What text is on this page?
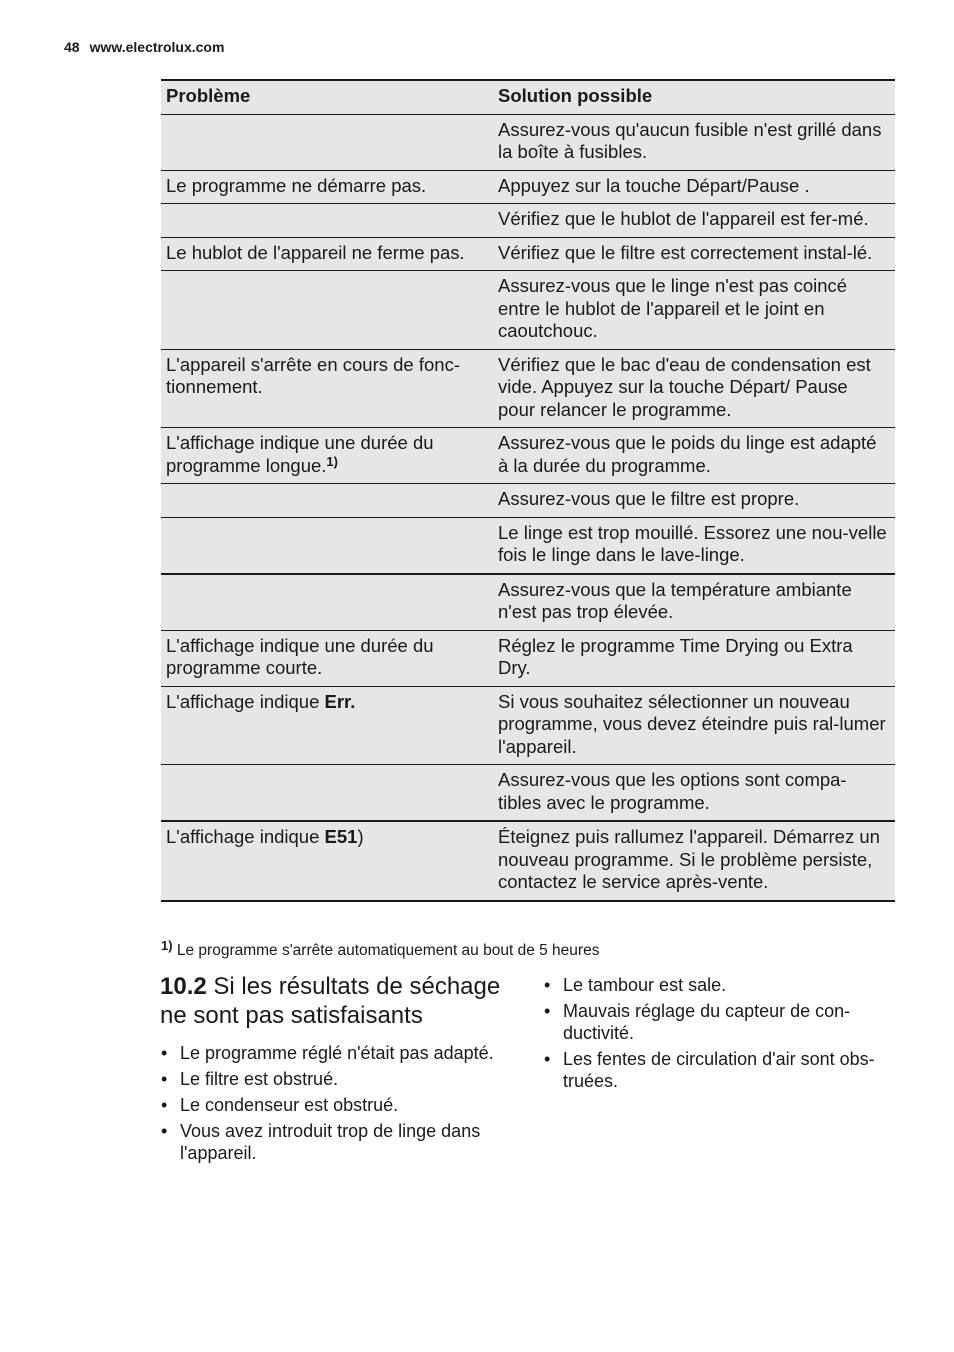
48 www.electrolux.com
Problème	Solution possible
	Assurez-vous qu'aucun fusible n'est grillé dans la boîte à fusibles.
Le programme ne démarre pas.	Appuyez sur la touche Départ/Pause .
	Vérifiez que le hublot de l'appareil est fer-mé.
Le hublot de l'appareil ne ferme pas.	Vérifiez que le filtre est correctement instal-lé.
	Assurez-vous que le linge n'est pas coincé entre le hublot de l'appareil et le joint en caoutchouc.
L'appareil s'arrête en cours de fonc-tionnement.	Vérifiez que le bac d'eau de condensation est vide. Appuyez sur la touche Départ/ Pause pour relancer le programme.
L'affichage indique une durée du programme longue.$^{1)}$	Assurez-vous que le poids du linge est adapté à la durée du programme.
	Assurez-vous que le filtre est propre.
	Le linge est trop mouillé. Essorez une nou-velle fois le linge dans le lave-linge.
	Assurez-vous que la température ambiante n'est pas trop élevée.
L'affichage indique une durée du programme courte.	Réglez le programme Time Drying ou Extra Dry.
L'affichage indique Err.	Si vous souhaitez sélectionner un nouveau programme, vous devez éteindre puis ral-lumer l'appareil.
	Assurez-vous que les options sont compa-tibles avec le programme.
L'affichage indique E51)	Éteignez puis rallumez l'appareil. Démarrez un nouveau programme. Si le problème persiste, contactez le service après-vente.
$^{1)}$ Le programme s'arrête automatiquement au bout de 5 heures
10.2 Si les résultats de séchage ne sont pas satisfaisants
• Le programme réglé n'était pas adapté.
• Le filtre est obstrué.
• Le condenseur est obstrué.
• Vous avez introduit trop de linge dans l'appareil.
• Le tambour est sale.
• Mauvais réglage du capteur de con-ductivité.
• Les fentes de circulation d'air sont obs-truées.
